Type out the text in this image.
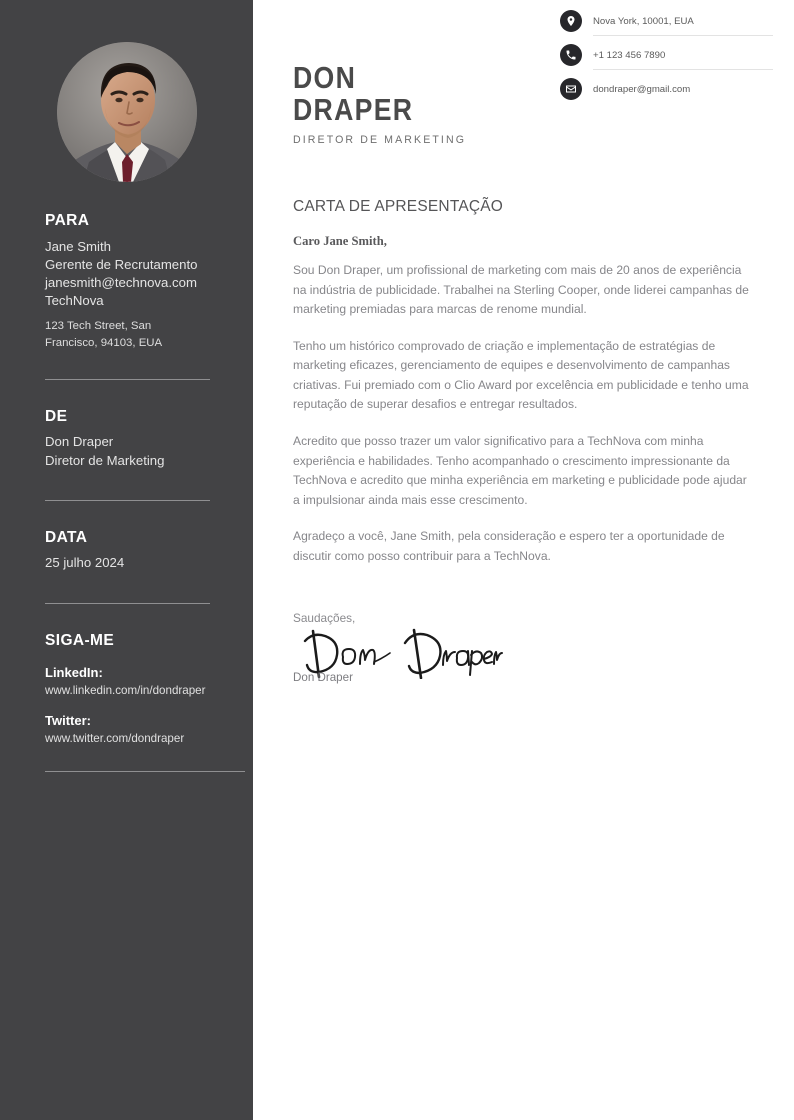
PARA

Jane Smith

Gerente de Recrutamento

janesmith@technova.com

TechNova

123 Tech Street, San

Francisco, 94103, EUA

DE

Don Draper

Diretor de Marketing

DATA

25 julho 2024

SIGA-ME

LinkedIn:

www.linkedin.com/in/dondraper

Twitter:

www.twitter.com/dondraper

DON

DRAPER

DIRETOR DE MARKETING

Nova York, 10001, EUA
+1 123 456 7890
dondraper@gmail.com

CARTA DE APRESENTAÇÃO

Caro Jane Smith,

Sou Don Draper, um profissional de marketing com mais de 20 anos de experiência na indústria de publicidade. Trabalhei na Sterling Cooper, onde liderei campanhas de marketing premiadas para marcas de renome mundial.

Tenho um histórico comprovado de criação e implementação de estratégias de marketing eficazes, gerenciamento de equipes e desenvolvimento de campanhas criativas. Fui premiado com o Clio Award por excelência em publicidade e tenho uma reputação de superar desafios e entregar resultados.

Acredito que posso trazer um valor significativo para a TechNova com minha experiência e habilidades. Tenho acompanhado o crescimento impressionante da TechNova e acredito que minha experiência em marketing e publicidade pode ajudar a impulsionar ainda mais esse crescimento.

Agradeço a você, Jane Smith, pela consideração e espero ter a oportunidade de discutir como posso contribuir para a TechNova.

Saudações,

Don Draper
